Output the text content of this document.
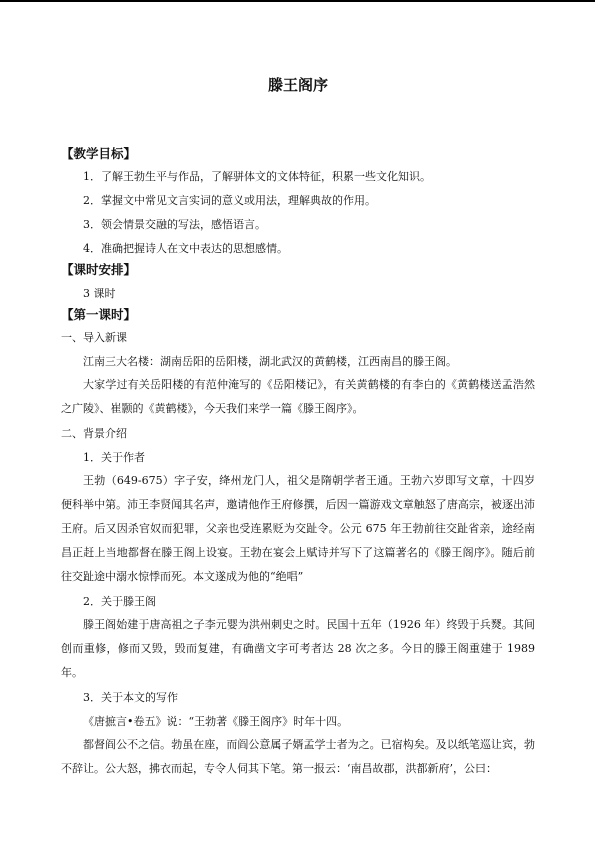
滕王阁序
【教学目标】
1．了解王勃生平与作品，了解骈体文的文体特征，积累一些文化知识。
2．掌握文中常见文言实词的意义或用法，理解典故的作用。
3．领会情景交融的写法，感悟语言。
4．准确把握诗人在文中表达的思想感情。
【课时安排】
3 课时
【第一课时】
一、导入新课
江南三大名楼：湖南岳阳的岳阳楼，湖北武汉的黄鹤楼，江西南昌的滕王阁。

大家学过有关岳阳楼的有范仲淹写的《岳阳楼记》，有关黄鹤楼的有李白的《黄鹤楼送孟浩然之广陵》、崔颢的《黄鹤楼》，今天我们来学一篇《滕王阁序》。

二、背景介绍
1．关于作者

王勃（649-675）字子安，绛州龙门人，祖父是隋朝学者王通。王勃六岁即写文章，十四岁便科举中第。沛王李贤闻其名声，邀请他作王府修撰，后因一篇游戏文章触怒了唐高宗，被逐出沛王府。后又因杀官奴而犯罪，父亲也受连累贬为交趾令。公元 675 年王勃前往交趾省亲，途经南昌正赶上当地都督在滕王阁上设宴。王勃在宴会上赋诗并写下了这篇著名的《滕王阁序》。随后前往交趾途中溺水惊悸而死。本文遂成为他的“绝唱”

2．关于滕王阁

滕王阁始建于唐高祖之子李元婴为洪州刺史之时。民国十五年（1926 年）终毁于兵燹。其间创而重修，修而又毁，毁而复建，有确凿文字可考者达 28 次之多。今日的滕王阁重建于 1989 年。

3．关于本文的写作
《唐摭言•卷五》说：“王勃著《滕王阁序》时年十四。

都督阎公不之信。勃虽在座，而阎公意属子婿孟学士者为之。已宿构矣。及以纸笔巡让宾，勃不辞让。公大怒，拂衣而起，专令人伺其下笔。第一报云：‘南昌故郡，洪都新府’，公曰：
